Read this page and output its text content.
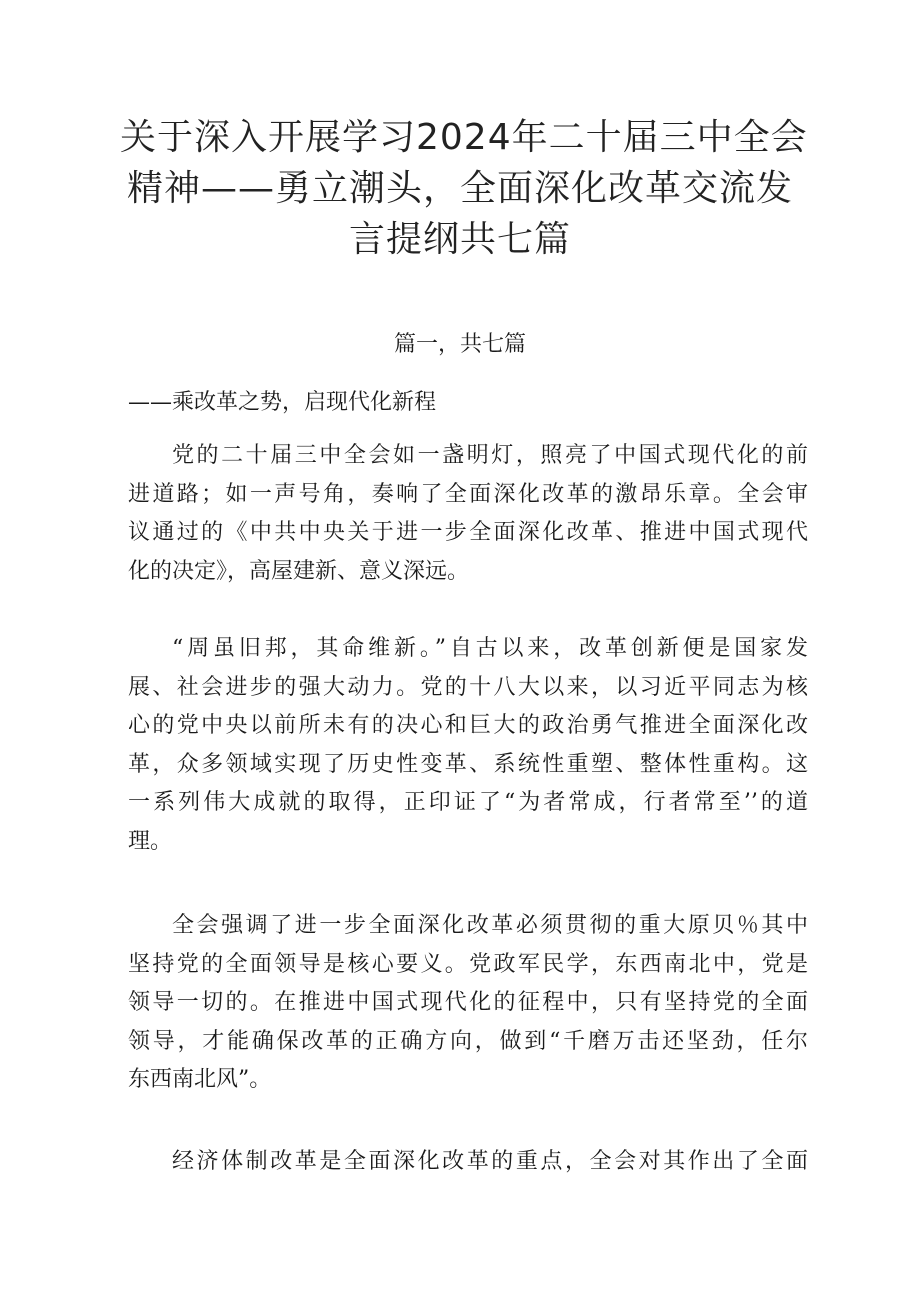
关于深入开展学习2024年二十届三中全会
精神——勇立潮头，全面深化改革交流发
言提纲共七篇
篇一，共七篇

——乘改革之势，启现代化新程

党的二十届三中全会如一盏明灯，照亮了中国式现代化的前
进道路；如一声号角，奏响了全面深化改革的激昂乐章。全会审
议通过的《中共中央关于进一步全面深化改革、推进中国式现代
化的决定》，高屋建新、意义深远。

“周虽旧邦，其命维新。”自古以来，改革创新便是国家发
展、社会进步的强大动力。党的十八大以来，以习近平同志为核
心的党中央以前所未有的决心和巨大的政治勇气推进全面深化改
革，众多领域实现了历史性变革、系统性重塑、整体性重构。这
一系列伟大成就的取得，正印证了“为者常成，行者常至’’的道
理。

全会强调了进一步全面深化改革必须贯彻的重大原贝％其中
坚持党的全面领导是核心要义。党政军民学，东西南北中，党是
领导一切的。在推进中国式现代化的征程中，只有坚持党的全面
领导，才能确保改革的正确方向，做到“千磨万击还坚劲，任尔
东西南北风”。

经济体制改革是全面深化改革的重点，全会对其作出了全面
